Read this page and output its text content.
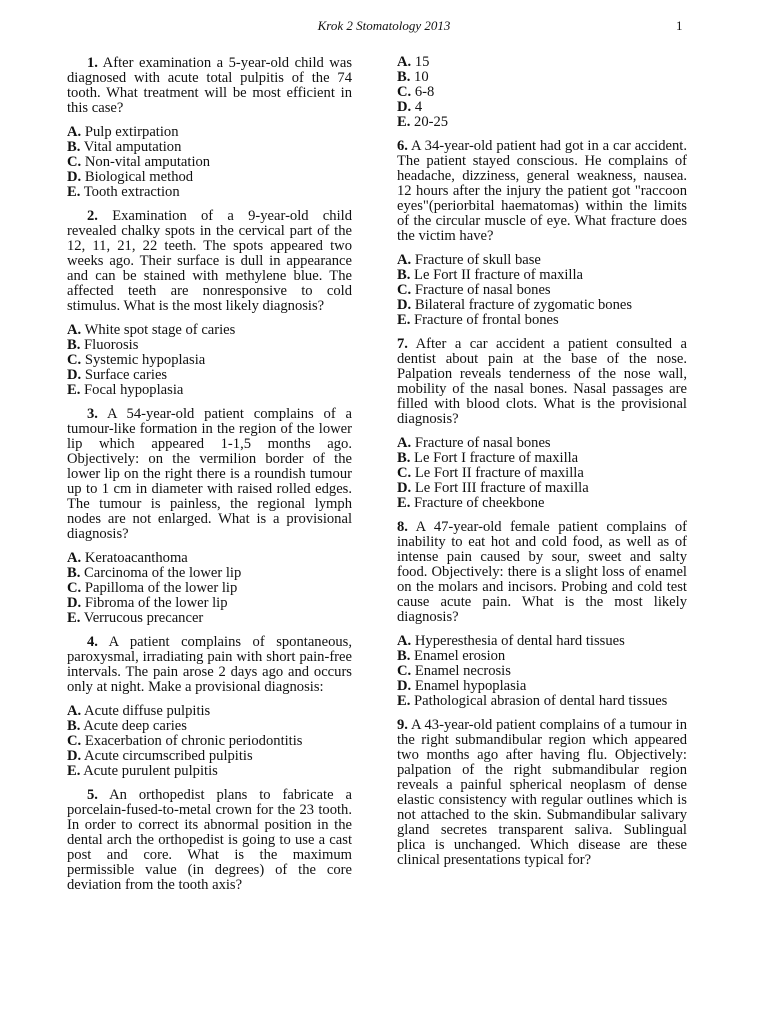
Krok 2 Stomatology 2013	1

1. After examination a 5-year-old child was diagnosed with acute total pulpitis of the 74 tooth. What treatment will be most efficient in this case?

A. Pulp extirpation
B. Vital amputation
C. Non-vital amputation
D. Biological method
E. Tooth extraction

2. Examination of a 9-year-old child revealed chalky spots in the cervical part of the 12, 11, 21, 22 teeth. The spots appeared two weeks ago. Their surface is dull in appearance and can be stained with methylene blue. The affected teeth are nonresponsive to cold stimulus. What is the most likely diagnosis?

A. White spot stage of caries
B. Fluorosis
C. Systemic hypoplasia
D. Surface caries
E. Focal hypoplasia

3. A 54-year-old patient complains of a tumour-like formation in the region of the lower lip which appeared 1-1,5 months ago. Objectively: on the vermilion border of the lower lip on the right there is a roundish tumour up to 1 cm in diameter with raised rolled edges. The tumour is painless, the regional lymph nodes are not enlarged. What is a provisional diagnosis?

A. Keratoacanthoma
B. Carcinoma of the lower lip
C. Papilloma of the lower lip
D. Fibroma of the lower lip
E. Verrucous precancer

4. A patient complains of spontaneous, paroxysmal, irradiating pain with short pain-free intervals. The pain arose 2 days ago and occurs only at night. Make a provisional diagnosis:

A. Acute diffuse pulpitis
B. Acute deep caries
C. Exacerbation of chronic periodontitis
D. Acute circumscribed pulpitis
E. Acute purulent pulpitis

5. An orthopedist plans to fabricate a porcelain-fused-to-metal crown for the 23 tooth. In order to correct its abnormal position in the dental arch the orthopedist is going to use a cast post and core. What is the maximum permissible value (in degrees) of the core deviation from the tooth axis?

A. 15
B. 10
C. 6-8
D. 4
E. 20-25

6. A 34-year-old patient had got in a car accident. The patient stayed conscious. He complains of headache, dizziness, general weakness, nausea. 12 hours after the injury the patient got "raccoon eyes"(periorbital haematomas) within the limits of the circular muscle of eye. What fracture does the victim have?

A. Fracture of skull base
B. Le Fort II fracture of maxilla
C. Fracture of nasal bones
D. Bilateral fracture of zygomatic bones
E. Fracture of frontal bones

7. After a car accident a patient consulted a dentist about pain at the base of the nose. Palpation reveals tenderness of the nose wall, mobility of the nasal bones. Nasal passages are filled with blood clots. What is the provisional diagnosis?

A. Fracture of nasal bones
B. Le Fort I fracture of maxilla
C. Le Fort II fracture of maxilla
D. Le Fort III fracture of maxilla
E. Fracture of cheekbone

8. A 47-year-old female patient complains of inability to eat hot and cold food, as well as of intense pain caused by sour, sweet and salty food. Objectively: there is a slight loss of enamel on the molars and incisors. Probing and cold test cause acute pain. What is the most likely diagnosis?

A. Hyperesthesia of dental hard tissues
B. Enamel erosion
C. Enamel necrosis
D. Enamel hypoplasia
E. Pathological abrasion of dental hard tissues

9. A 43-year-old patient complains of a tumour in the right submandibular region which appeared two months ago after having flu. Objectively: palpation of the right submandibular region reveals a painful spherical neoplasm of dense elastic consistency with regular outlines which is not attached to the skin. Submandibular salivary gland secretes transparent saliva. Sublingual plica is unchanged. Which disease are these clinical presentations typical for?
